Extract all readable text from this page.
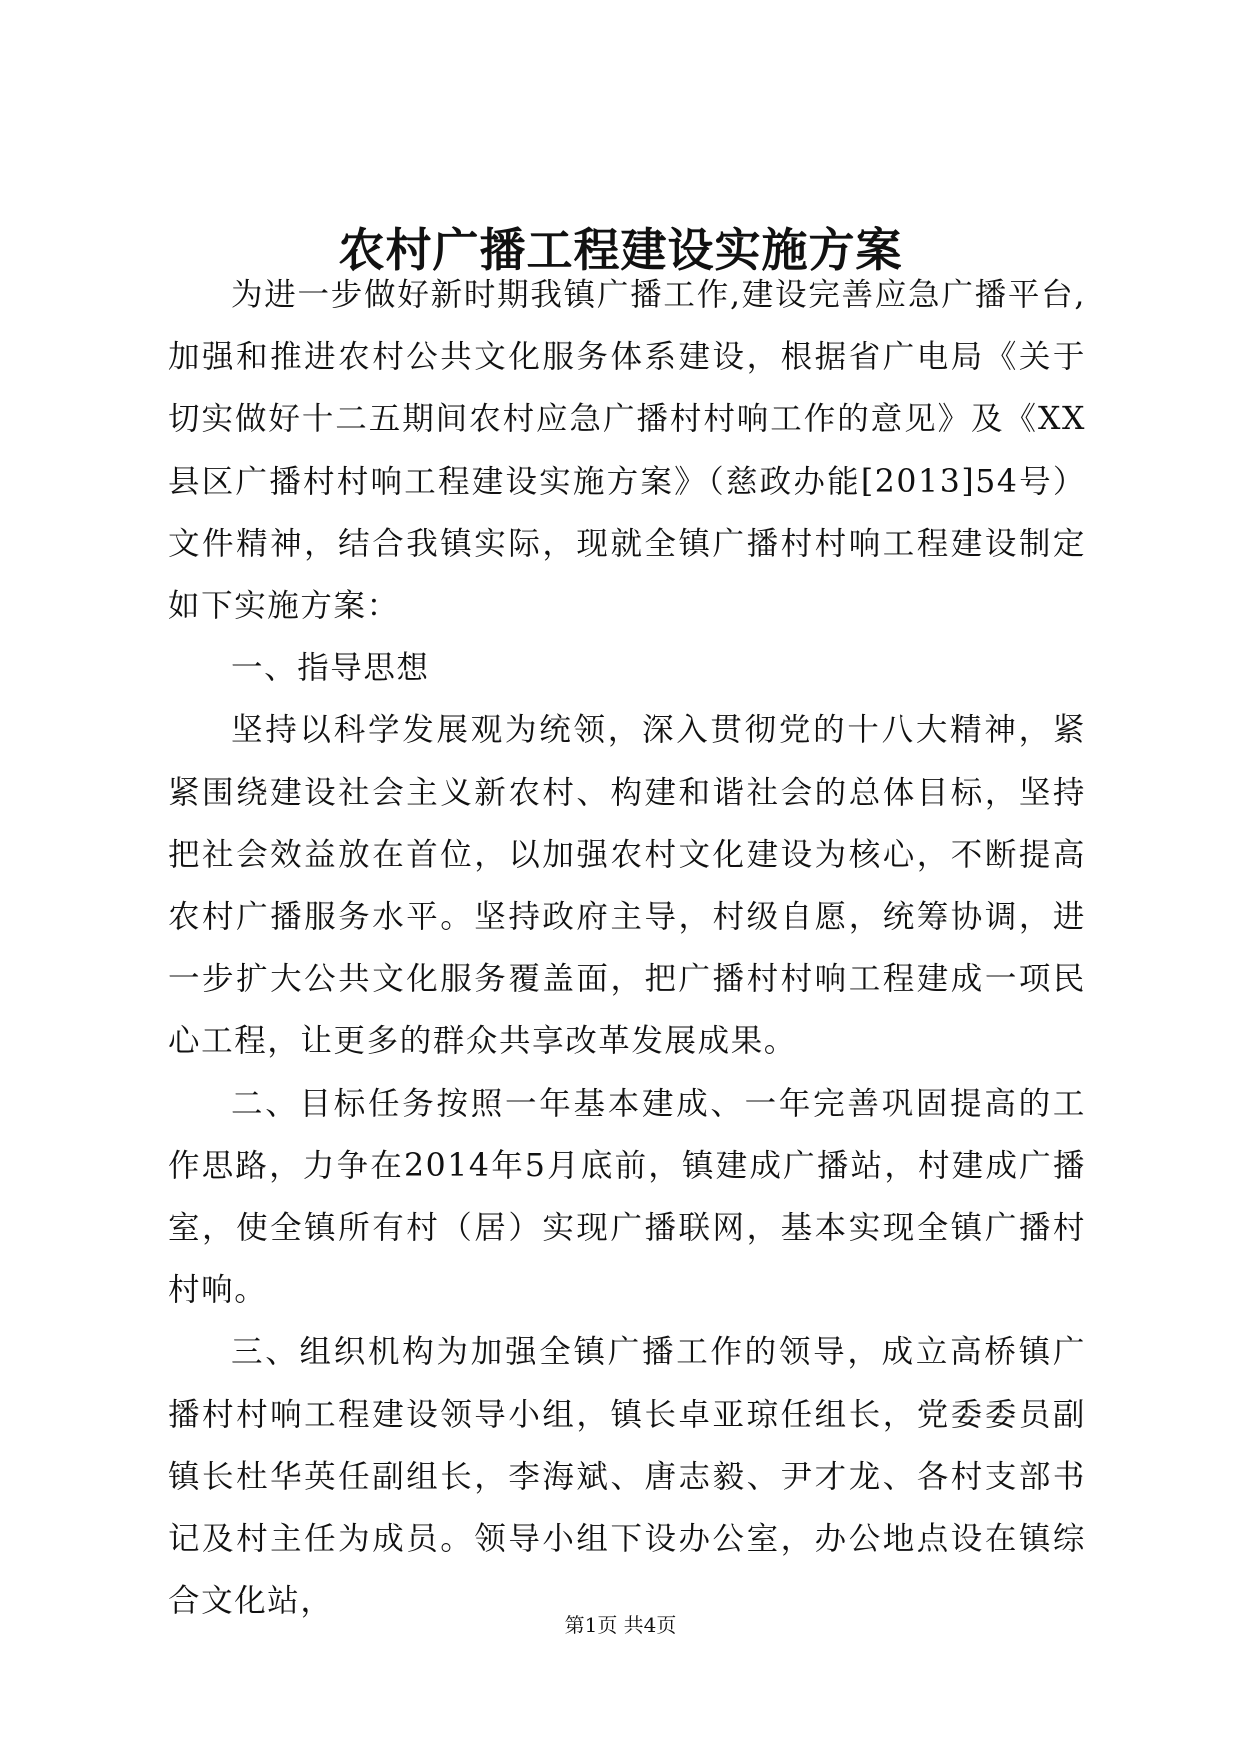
农村广播工程建设实施方案

为进一步做好新时期我镇广播工作,建设完善应急广播平台,加强和推进农村公共文化服务体系建设，根据省广电局《关于切实做好十二五期间农村应急广播村村响工作的意见》及《XX县区广播村村响工程建设实施方案》（慈政办能[2013]54号）文件精神，结合我镇实际，现就全镇广播村村响工程建设制定如下实施方案：

一、指导思想

坚持以科学发展观为统领，深入贯彻党的十八大精神，紧紧围绕建设社会主义新农村、构建和谐社会的总体目标，坚持把社会效益放在首位，以加强农村文化建设为核心，不断提高农村广播服务水平。坚持政府主导，村级自愿，统筹协调，进一步扩大公共文化服务覆盖面，把广播村村响工程建成一项民心工程，让更多的群众共享改革发展成果。

二、目标任务按照一年基本建成、一年完善巩固提高的工作思路，力争在2014年5月底前，镇建成广播站，村建成广播室，使全镇所有村（居）实现广播联网，基本实现全镇广播村村响。

三、组织机构为加强全镇广播工作的领导，成立高桥镇广播村村响工程建设领导小组，镇长卓亚琼任组长，党委委员副镇长杜华英任副组长，李海斌、唐志毅、尹才龙、各村支部书记及村主任为成员。领导小组下设办公室，办公地点设在镇综合文化站，

第1页 共4页
